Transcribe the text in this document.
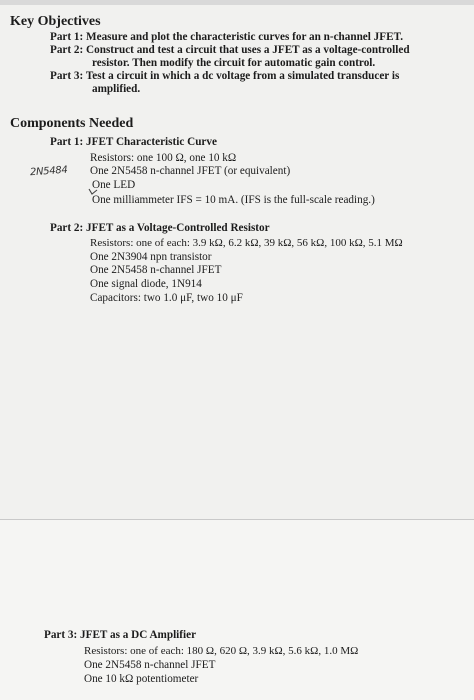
Key Objectives
Part 1: Measure and plot the characteristic curves for an n-channel JFET.
Part 2: Construct and test a circuit that uses a JFET as a voltage-controlled
resistor. Then modify the circuit for automatic gain control.
Part 3: Test a circuit in which a dc voltage from a simulated transducer is
amplified.
Components Needed
Part 1: JFET Characteristic Curve
Resistors: one 100 Ω, one 10 kΩ
One 2N5458 n-channel JFET (or equivalent)
2N5484
One LED
One milliammeter IFS = 10 mA. (IFS is the full-scale reading.)
Part 2: JFET as a Voltage-Controlled Resistor
Resistors: one of each: 3.9 kΩ, 6.2 kΩ, 39 kΩ, 56 kΩ, 100 kΩ, 5.1 MΩ
One 2N3904 npn transistor
One 2N5458 n-channel JFET
One signal diode, 1N914
Capacitors: two 1.0 μF, two 10 μF
Part 3: JFET as a DC Amplifier
Resistors: one of each: 180 Ω, 620 Ω, 3.9 kΩ, 5.6 kΩ, 1.0 MΩ
One 2N5458 n-channel JFET
One 10 kΩ potentiometer
